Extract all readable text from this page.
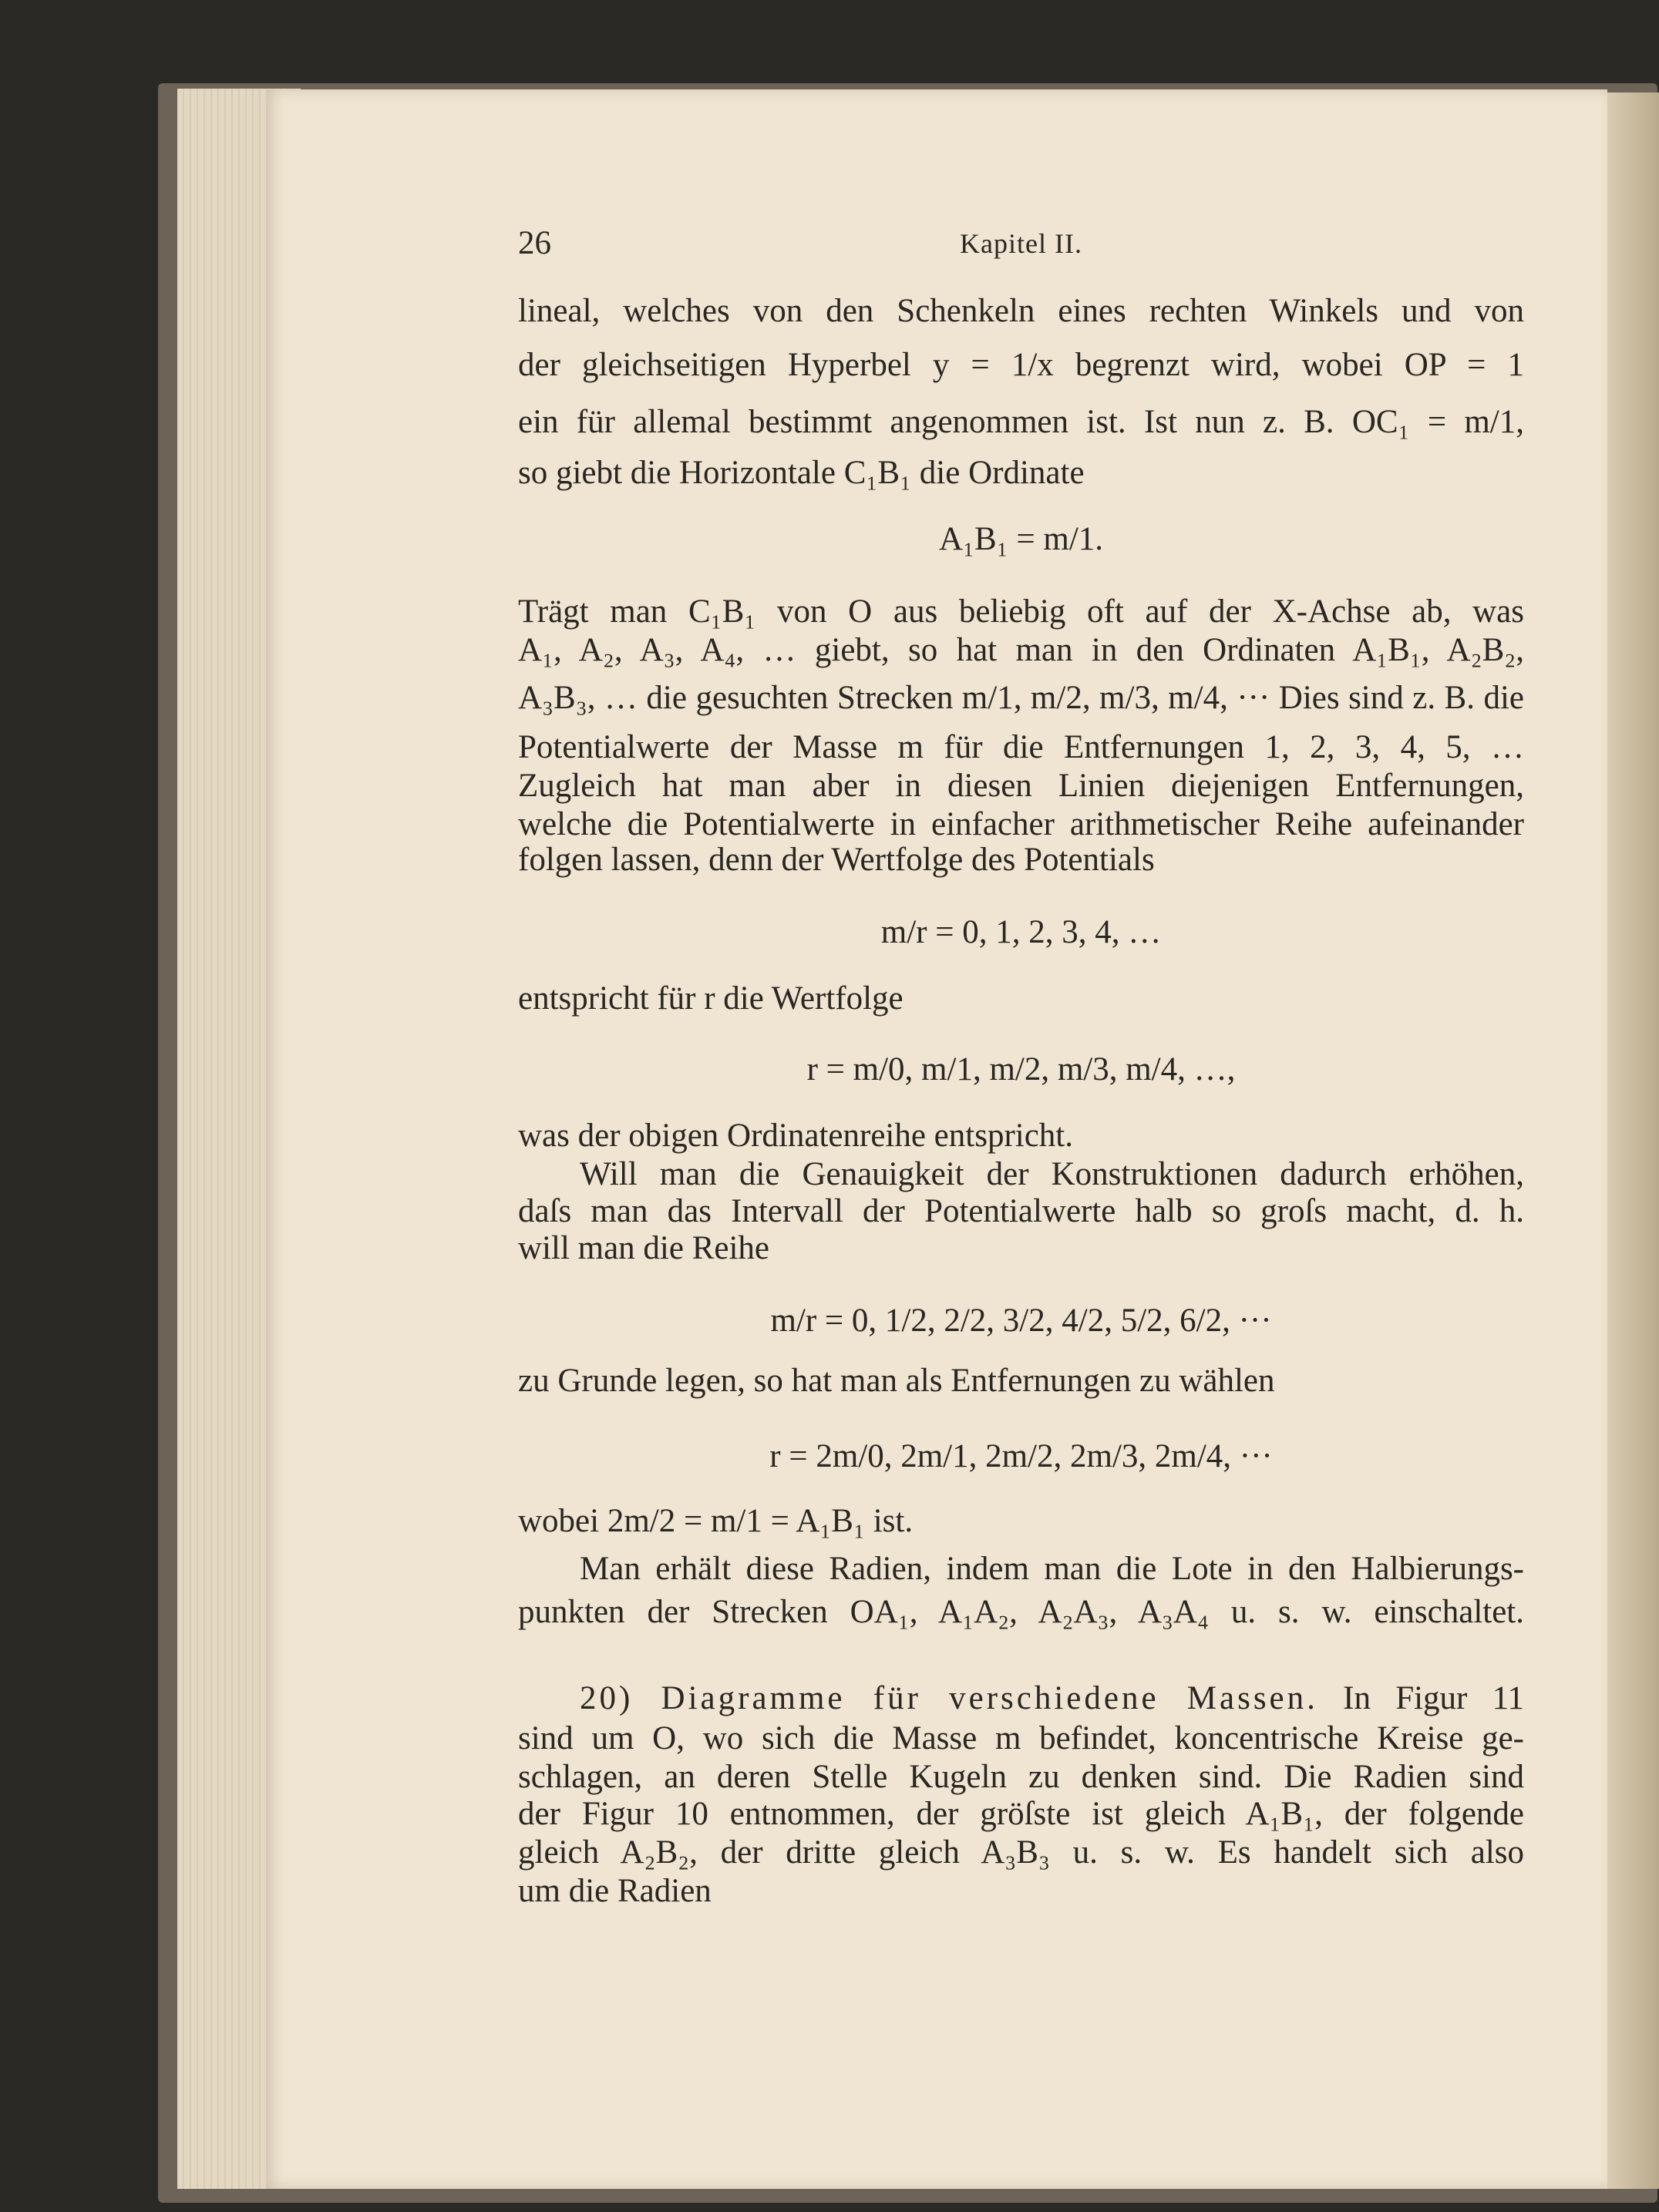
26	Kapitel II.
lineal, welches von den Schenkeln eines rechten Winkels und von
der gleichseitigen Hyperbel y = 1/x begrenzt wird, wobei OP = 1
ein für allemal bestimmt angenommen ist. Ist nun z. B. OC₁ = m/1,
so giebt die Horizontale C₁B₁ die Ordinate
A₁B₁ = m/1.
Trägt man C₁B₁ von O aus beliebig oft auf der X-Achse ab, was
A₁, A₂, A₃, A₄, … giebt, so hat man in den Ordinaten A₁B₁, A₂B₂,
A₃B₃, … die gesuchten Strecken m/1, m/2, m/3, m/4, ··· Dies sind z. B. die
Potentialwerte der Masse m für die Entfernungen 1, 2, 3, 4, 5, …
Zugleich hat man aber in diesen Linien diejenigen Entfernungen,
welche die Potentialwerte in einfacher arithmetischer Reihe aufeinander
folgen lassen, denn der Wertfolge des Potentials
m/r = 0, 1, 2, 3, 4, …
entspricht für r die Wertfolge
r = m/0, m/1, m/2, m/3, m/4, …,
was der obigen Ordinatenreihe entspricht.
Will man die Genauigkeit der Konstruktionen dadurch erhöhen,
daſs man das Intervall der Potentialwerte halb so groſs macht, d. h.
will man die Reihe
m/r = 0, 1/2, 2/2, 3/2, 4/2, 5/2, 6/2, ···
zu Grunde legen, so hat man als Entfernungen zu wählen
r = 2m/0, 2m/1, 2m/2, 2m/3, 2m/4, ···
wobei 2m/2 = m/1 = A₁B₁ ist.
Man erhält diese Radien, indem man die Lote in den Halbierungs-
punkten der Strecken OA₁, A₁A₂, A₂A₃, A₃A₄ u. s. w. einschaltet.
20) Diagramme für verschiedene Massen. In Figur 11
sind um O, wo sich die Masse m befindet, koncentrische Kreise ge-
schlagen, an deren Stelle Kugeln zu denken sind. Die Radien sind
der Figur 10 entnommen, der gröſste ist gleich A₁B₁, der folgende
gleich A₂B₂, der dritte gleich A₃B₃ u. s. w. Es handelt sich also
um die Radien
